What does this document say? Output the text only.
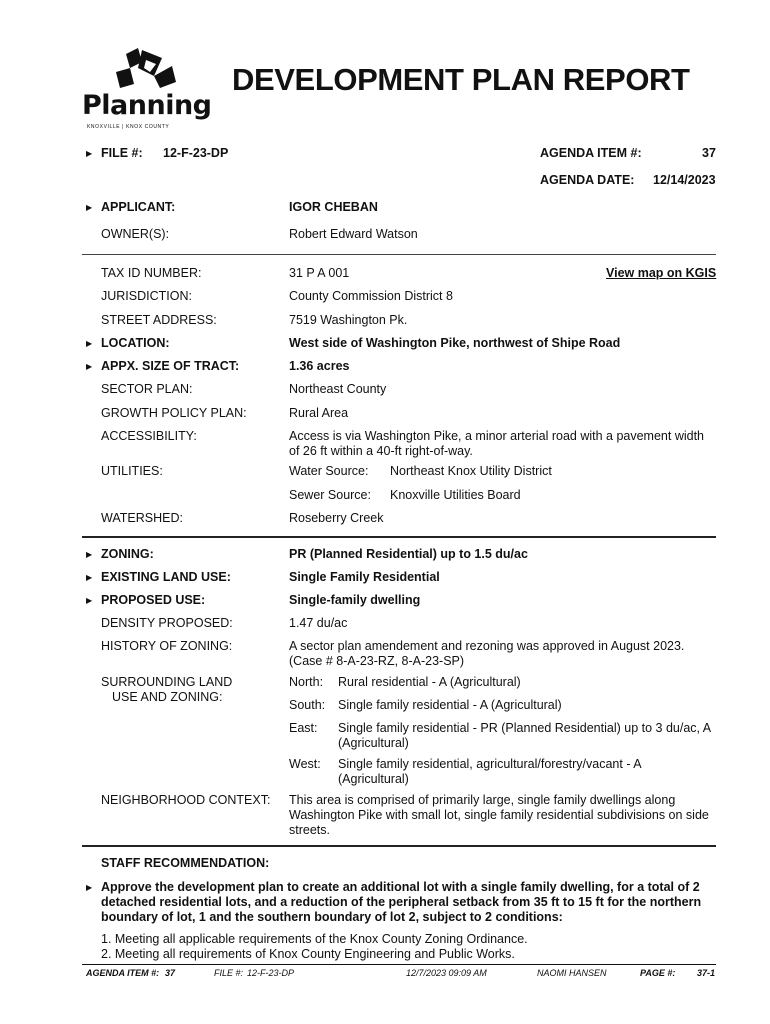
Planning
KNOXVILLE | KNOX COUNTY
DEVELOPMENT PLAN REPORT
▶ FILE #: 12-F-23-DP	AGENDA ITEM #:	37
AGENDA DATE: 12/14/2023
▶ APPLICANT:	IGOR CHEBAN
OWNER(S):	Robert Edward Watson
TAX ID NUMBER:	31 P A 001	View map on KGIS
JURISDICTION:	County Commission District 8
STREET ADDRESS:	7519 Washington Pk.
▶ LOCATION:	West side of Washington Pike, northwest of Shipe Road
▶ APPX. SIZE OF TRACT:	1.36 acres
SECTOR PLAN:	Northeast County
GROWTH POLICY PLAN:	Rural Area
ACCESSIBILITY:	Access is via Washington Pike, a minor arterial road with a pavement width of 26 ft within a 40-ft right-of-way.
UTILITIES:	Water Source: Northeast Knox Utility District
Sewer Source: Knoxville Utilities Board
WATERSHED:	Roseberry Creek
▶ ZONING:	PR (Planned Residential) up to 1.5 du/ac
▶ EXISTING LAND USE:	Single Family Residential
▶ PROPOSED USE:	Single-family dwelling
DENSITY PROPOSED:	1.47 du/ac
HISTORY OF ZONING:	A sector plan amendement and rezoning was approved in August 2023. (Case # 8-A-23-RZ, 8-A-23-SP)
SURROUNDING LAND
USE AND ZONING:
North: Rural residential - A (Agricultural)
South: Single family residential - A (Agricultural)
East: Single family residential - PR (Planned Residential) up to 3 du/ac, A (Agricultural)
West: Single family residential, agricultural/forestry/vacant - A (Agricultural)
NEIGHBORHOOD CONTEXT: This area is comprised of primarily large, single family dwellings along Washington Pike with small lot, single family residential subdivisions on side streets.
STAFF RECOMMENDATION:
▶ Approve the development plan to create an additional lot with a single family dwelling, for a total of 2 detached residential lots, and a reduction of the peripheral setback from 35 ft to 15 ft for the northern boundary of lot, 1 and the southern boundary of lot 2, subject to 2 conditions:
1. Meeting all applicable requirements of the Knox County Zoning Ordinance.
2. Meeting all requirements of Knox County Engineering and Public Works.
AGENDA ITEM #: 37	FILE #: 12-F-23-DP	12/7/2023 09:09 AM	NAOMI HANSEN	PAGE #: 37-1
